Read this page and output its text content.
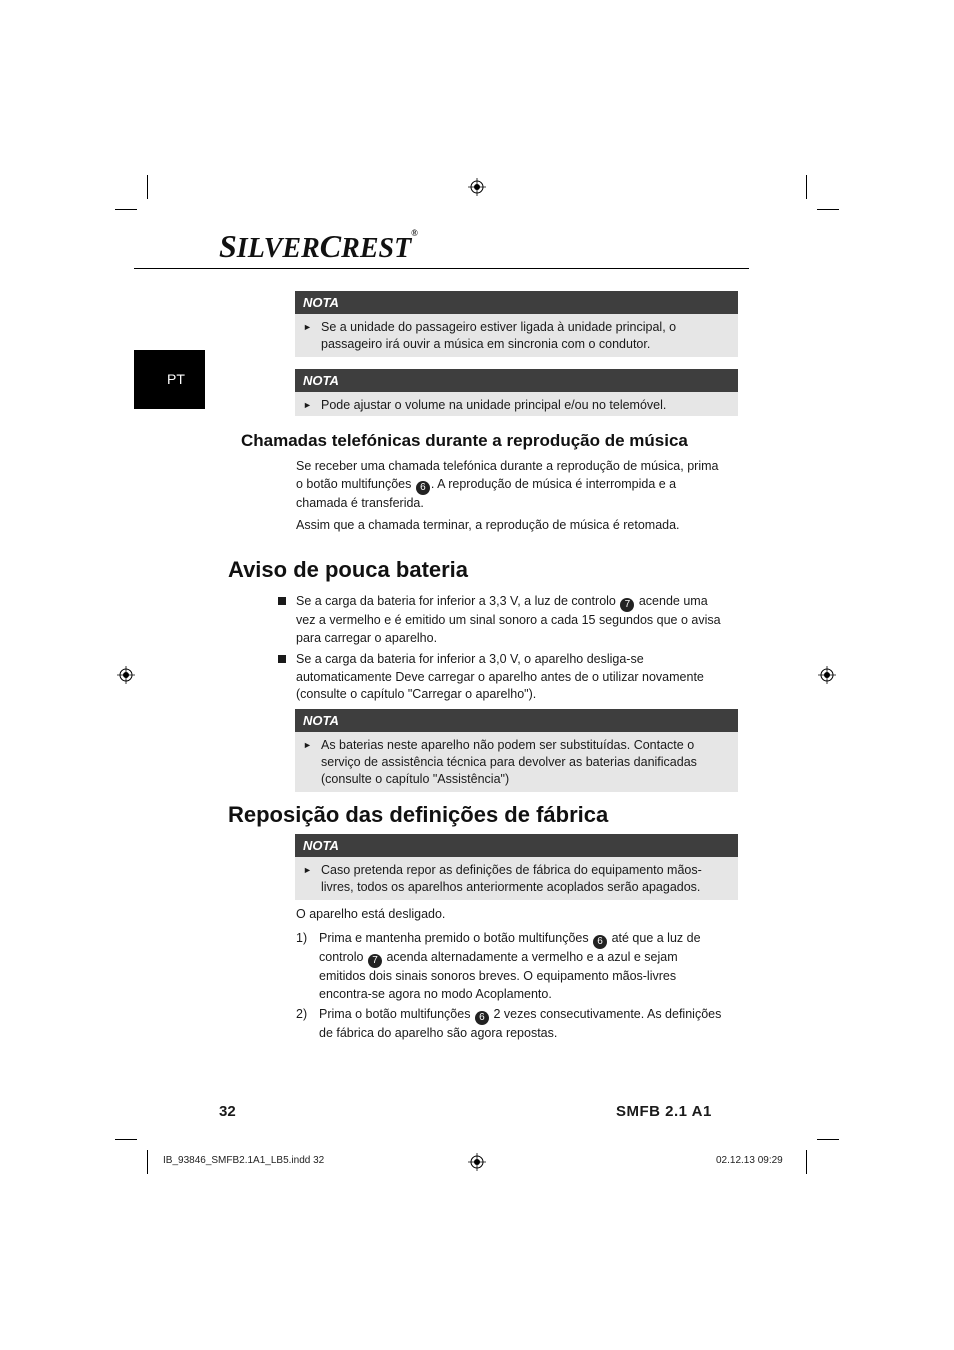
SILVERCREST®
PT
NOTA
► Se a unidade do passageiro estiver ligada à unidade principal, o passageiro irá ouvir a música em sincronia com o condutor.
NOTA
► Pode ajustar o volume na unidade principal e/ou no telemóvel.
Chamadas telefónicas durante a reprodução de música
Se receber uma chamada telefónica durante a reprodução de música, prima o botão multifunções 6 . A reprodução de música é interrompida e a chamada é transferida.
Assim que a chamada terminar, a reprodução de música é retomada.
Aviso de pouca bateria
Se a carga da bateria for inferior a 3,3 V, a luz de controlo 7 acende uma vez a vermelho e é emitido um sinal sonoro a cada 15 segundos que o avisa para carregar o aparelho.
Se a carga da bateria for inferior a 3,0 V, o aparelho desliga-se automaticamente Deve carregar o aparelho antes de o utilizar novamente (consulte o capítulo "Carregar o aparelho").
NOTA
► As baterias neste aparelho não podem ser substituídas. Contacte o serviço de assistência técnica para devolver as baterias danificadas (consulte o capítulo "Assistência")
Reposição das definições de fábrica
NOTA
► Caso pretenda repor as definições de fábrica do equipamento mãos-livres, todos os aparelhos anteriormente acoplados serão apagados.
O aparelho está desligado.
1) Prima e mantenha premido o botão multifunções 6 até que a luz de controlo 7 acenda alternadamente a vermelho e a azul e sejam emitidos dois sinais sonoros breves. O equipamento mãos-livres encontra-se agora no modo Acoplamento.
2) Prima o botão multifunções 6 2 vezes consecutivamente. As definições de fábrica do aparelho são agora repostas.
32	SMFB 2.1 A1
IB_93846_SMFB2.1A1_LB5.indd 32	02.12.13 09:29
